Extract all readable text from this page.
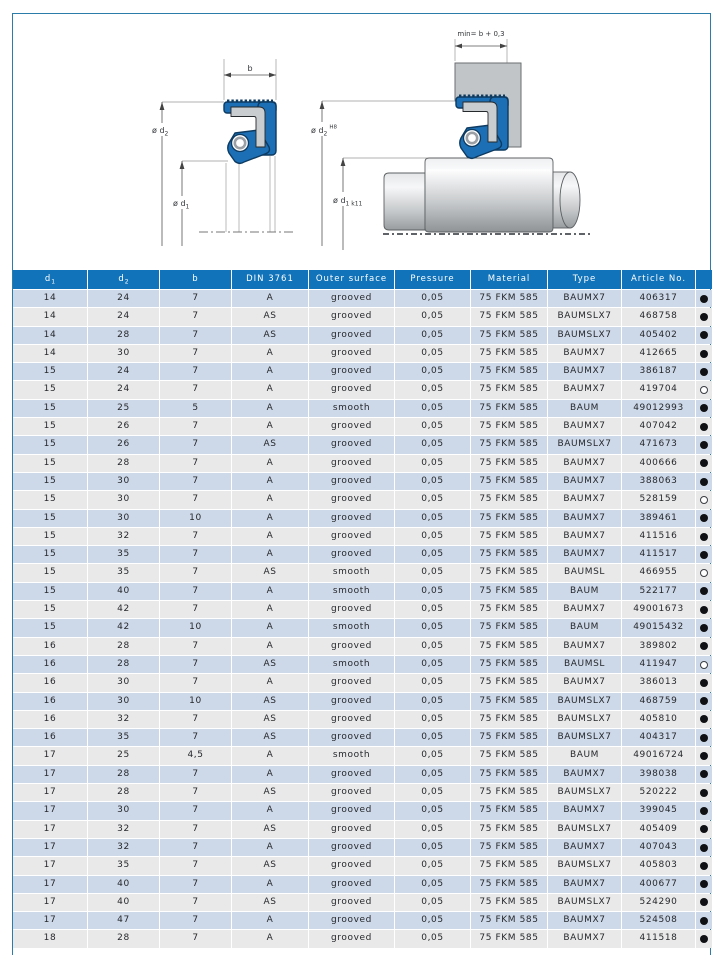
b
ø $d_2$
ø $d_1$
min= b + 0,3
ø $d_2^{H8}$
ø $d_{1 k11}$
$d_1$	$d_2$	b	DIN 3761	Outer surface	Pressure	Material	Type	Article No.
14	24	7	A	grooved	0,05	75 FKM 585	BAUMX7	406317
14	24	7	AS	grooved	0,05	75 FKM 585	BAUMSLX7	468758
14	28	7	AS	grooved	0,05	75 FKM 585	BAUMSLX7	405402
14	30	7	A	grooved	0,05	75 FKM 585	BAUMX7	412665
15	24	7	A	grooved	0,05	75 FKM 585	BAUMX7	386187
15	24	7	A	grooved	0,05	75 FKM 585	BAUMX7	419704
15	25	5	A	smooth	0,05	75 FKM 585	BAUM	49012993
15	26	7	A	grooved	0,05	75 FKM 585	BAUMX7	407042
15	26	7	AS	grooved	0,05	75 FKM 585	BAUMSLX7	471673
15	28	7	A	grooved	0,05	75 FKM 585	BAUMX7	400666
15	30	7	A	grooved	0,05	75 FKM 585	BAUMX7	388063
15	30	7	A	grooved	0,05	75 FKM 585	BAUMX7	528159
15	30	10	A	grooved	0,05	75 FKM 585	BAUMX7	389461
15	32	7	A	grooved	0,05	75 FKM 585	BAUMX7	411516
15	35	7	A	grooved	0,05	75 FKM 585	BAUMX7	411517
15	35	7	AS	smooth	0,05	75 FKM 585	BAUMSL	466955
15	40	7	A	smooth	0,05	75 FKM 585	BAUM	522177
15	42	7	A	grooved	0,05	75 FKM 585	BAUMX7	49001673
15	42	10	A	smooth	0,05	75 FKM 585	BAUM	49015432
16	28	7	A	grooved	0,05	75 FKM 585	BAUMX7	389802
16	28	7	AS	smooth	0,05	75 FKM 585	BAUMSL	411947
16	30	7	A	grooved	0,05	75 FKM 585	BAUMX7	386013
16	30	10	AS	grooved	0,05	75 FKM 585	BAUMSLX7	468759
16	32	7	AS	grooved	0,05	75 FKM 585	BAUMSLX7	405810
16	35	7	AS	grooved	0,05	75 FKM 585	BAUMSLX7	404317
17	25	4,5	A	smooth	0,05	75 FKM 585	BAUM	49016724
17	28	7	A	grooved	0,05	75 FKM 585	BAUMX7	398038
17	28	7	AS	grooved	0,05	75 FKM 585	BAUMSLX7	520222
17	30	7	A	grooved	0,05	75 FKM 585	BAUMX7	399045
17	32	7	AS	grooved	0,05	75 FKM 585	BAUMSLX7	405409
17	32	7	A	grooved	0,05	75 FKM 585	BAUMX7	407043
17	35	7	AS	grooved	0,05	75 FKM 585	BAUMSLX7	405803
17	40	7	A	grooved	0,05	75 FKM 585	BAUMX7	400677
17	40	7	AS	grooved	0,05	75 FKM 585	BAUMSLX7	524290
17	47	7	A	grooved	0,05	75 FKM 585	BAUMX7	524508
18	28	7	A	grooved	0,05	75 FKM 585	BAUMX7	411518
